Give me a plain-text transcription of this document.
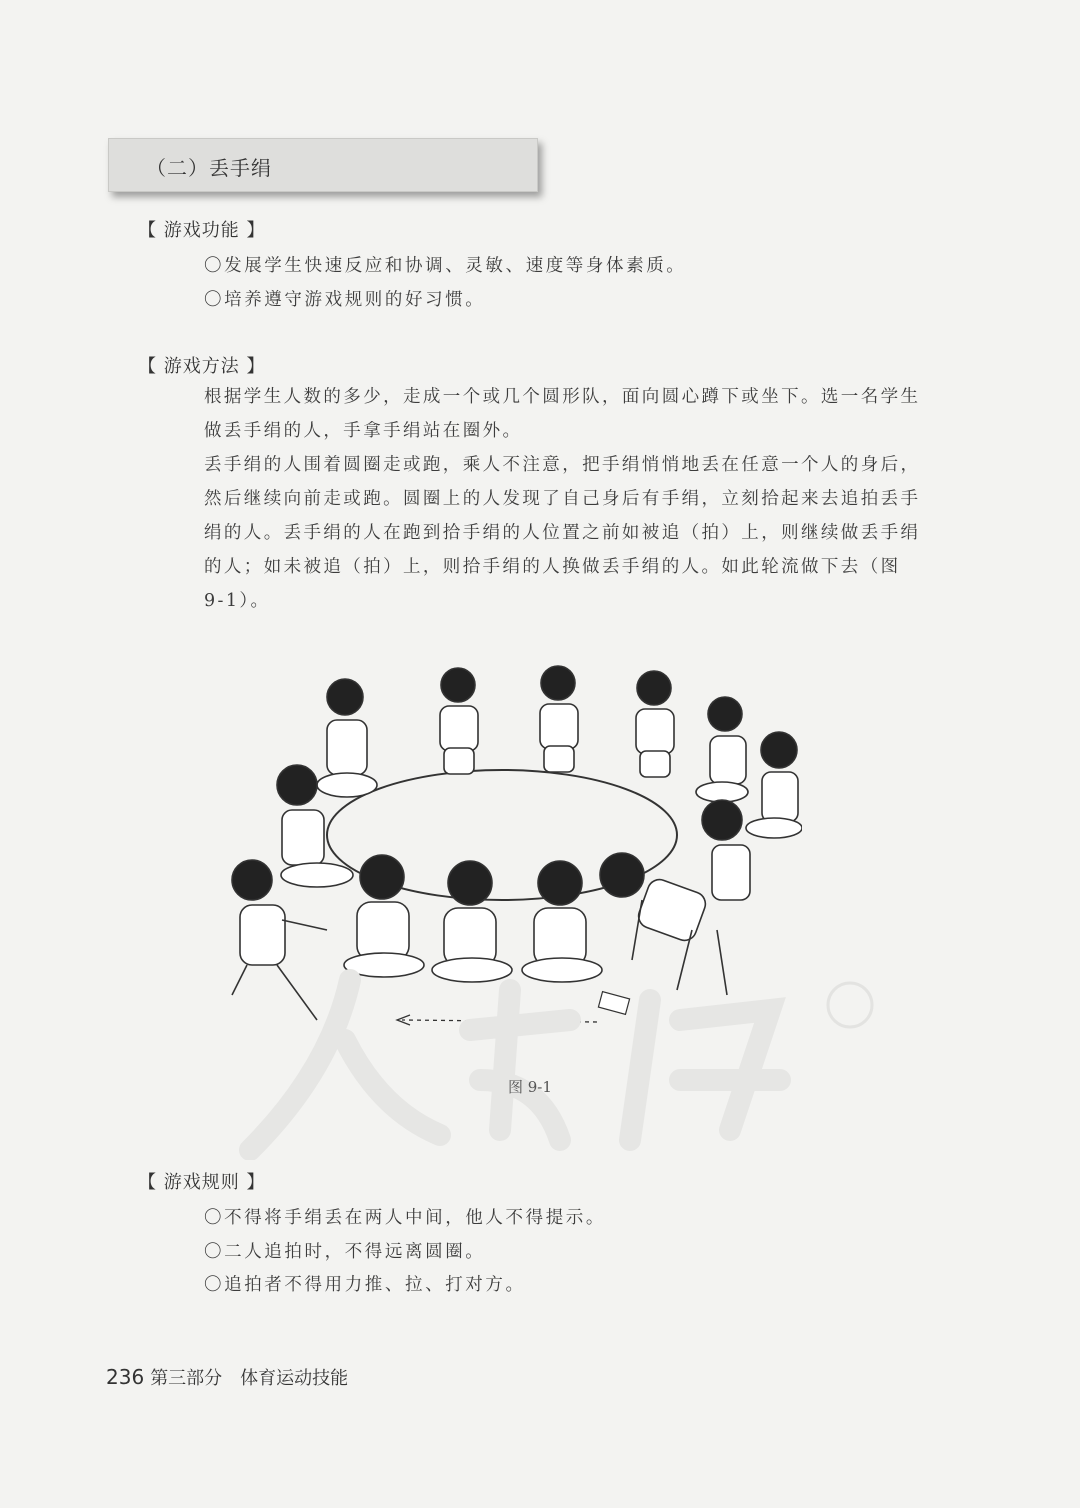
（二）丢手绢
【 游戏功能 】
〇发展学生快速反应和协调、灵敏、速度等身体素质。
〇培养遵守游戏规则的好习惯。
【 游戏方法 】
根据学生人数的多少，走成一个或几个圆形队，面向圆心蹲下或坐下。选一名学生做丢手绢的人，手拿手绢站在圈外。
丢手绢的人围着圆圈走或跑，乘人不注意，把手绢悄悄地丢在任意一个人的身后，然后继续向前走或跑。圆圈上的人发现了自己身后有手绢，立刻拾起来去追拍丢手绢的人。丢手绢的人在跑到拾手绢的人位置之前如被追（拍）上，则继续做丢手绢的人；如未被追（拍）上，则拾手绢的人换做丢手绢的人。如此轮流做下去（图 9-1）。
图 9-1
【 游戏规则 】
〇不得将手绢丢在两人中间，他人不得提示。
〇二人追拍时，不得远离圆圈。
〇追拍者不得用力推、拉、打对方。
236 第三部分　体育运动技能
